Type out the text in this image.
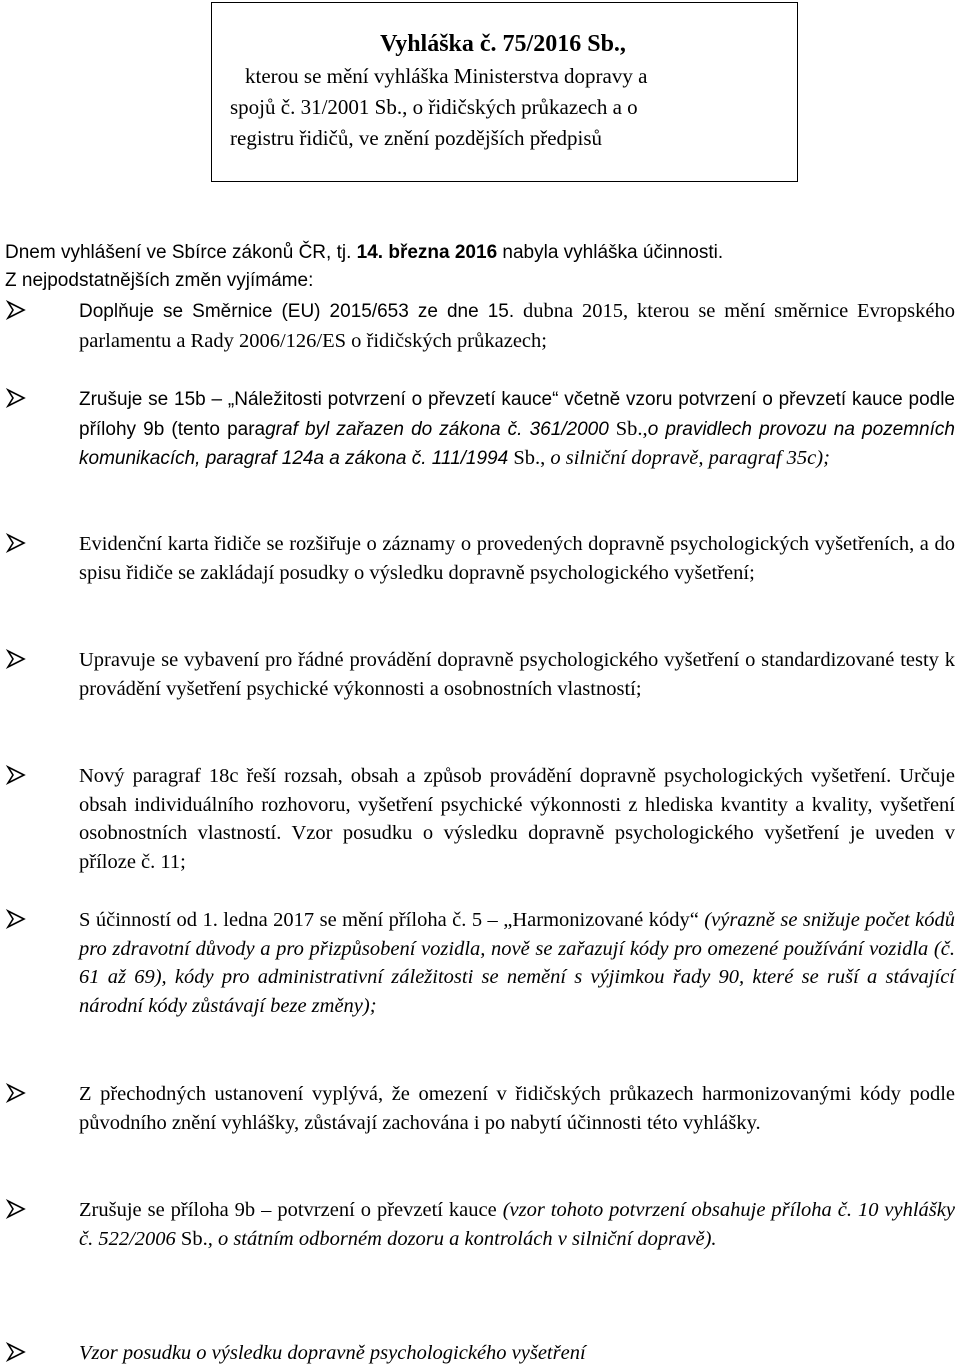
Vyhláška č. 75/2016 Sb.,

kterou se mění vyhláška Ministerstva dopravy a
spojů č. 31/2001 Sb., o řidičských průkazech a o
registru řidičů, ve znění pozdějších předpisů

Dnem vyhlášení ve Sbírce zákonů ČR, tj. 14. března 2016 nabyla vyhláška účinnosti.

Z nejpodstatnějších změn vyjímáme:

Doplňuje se Směrnice (EU) 2015/653 ze dne 15. dubna 2015, kterou se mění směrnice Evropského parlamentu a Rady 2006/126/ES o řidičských průkazech;
Zrušuje se 15b – „Náležitosti potvrzení o převzetí kauce“ včetně vzoru potvrzení o převzetí kauce podle přílohy 9b (tento paragraf byl zařazen do zákona č. 361/2000 Sb.,o pravidlech provozu na pozemních komunikacích, paragraf 124a a zákona č. 111/1994 Sb., o silniční dopravě, paragraf 35c);
Evidenční karta řidiče se rozšiřuje o záznamy o provedených dopravně psychologických vyšetřeních, a do spisu řidiče se zakládají posudky o výsledku dopravně psychologického vyšetření;
Upravuje se vybavení pro řádné provádění dopravně psychologického vyšetření o standardizované testy k provádění vyšetření psychické výkonnosti a osobnostních vlastností;
Nový paragraf 18c řeší rozsah, obsah a způsob provádění dopravně psychologických vyšetření. Určuje obsah individuálního rozhovoru, vyšetření psychické výkonnosti z hlediska kvantity a kvality, vyšetření osobnostních vlastností. Vzor posudku o výsledku dopravně psychologického vyšetření je uveden v příloze č. 11;
S účinností od 1. ledna 2017 se mění příloha č. 5 – „Harmonizované kódy“ (výrazně se snižuje počet kódů pro zdravotní důvody a pro přizpůsobení vozidla, nově se zařazují kódy pro omezené používání vozidla (č. 61 až 69), kódy pro administrativní záležitosti se nemění s výjimkou řady 90, které se ruší a stávající národní kódy zůstávají beze změny);
Z přechodných ustanovení vyplývá, že omezení v řidičských průkazech harmonizovanými kódy podle původního znění vyhlášky, zůstávají zachována i po nabytí účinnosti této vyhlášky.
Zrušuje se příloha 9b – potvrzení o převzetí kauce (vzor tohoto potvrzení obsahuje příloha č. 10 vyhlášky č. 522/2006 Sb., o státním odborném dozoru a kontrolách v silniční dopravě).
Vzor posudku o výsledku dopravně psychologického vyšetření
